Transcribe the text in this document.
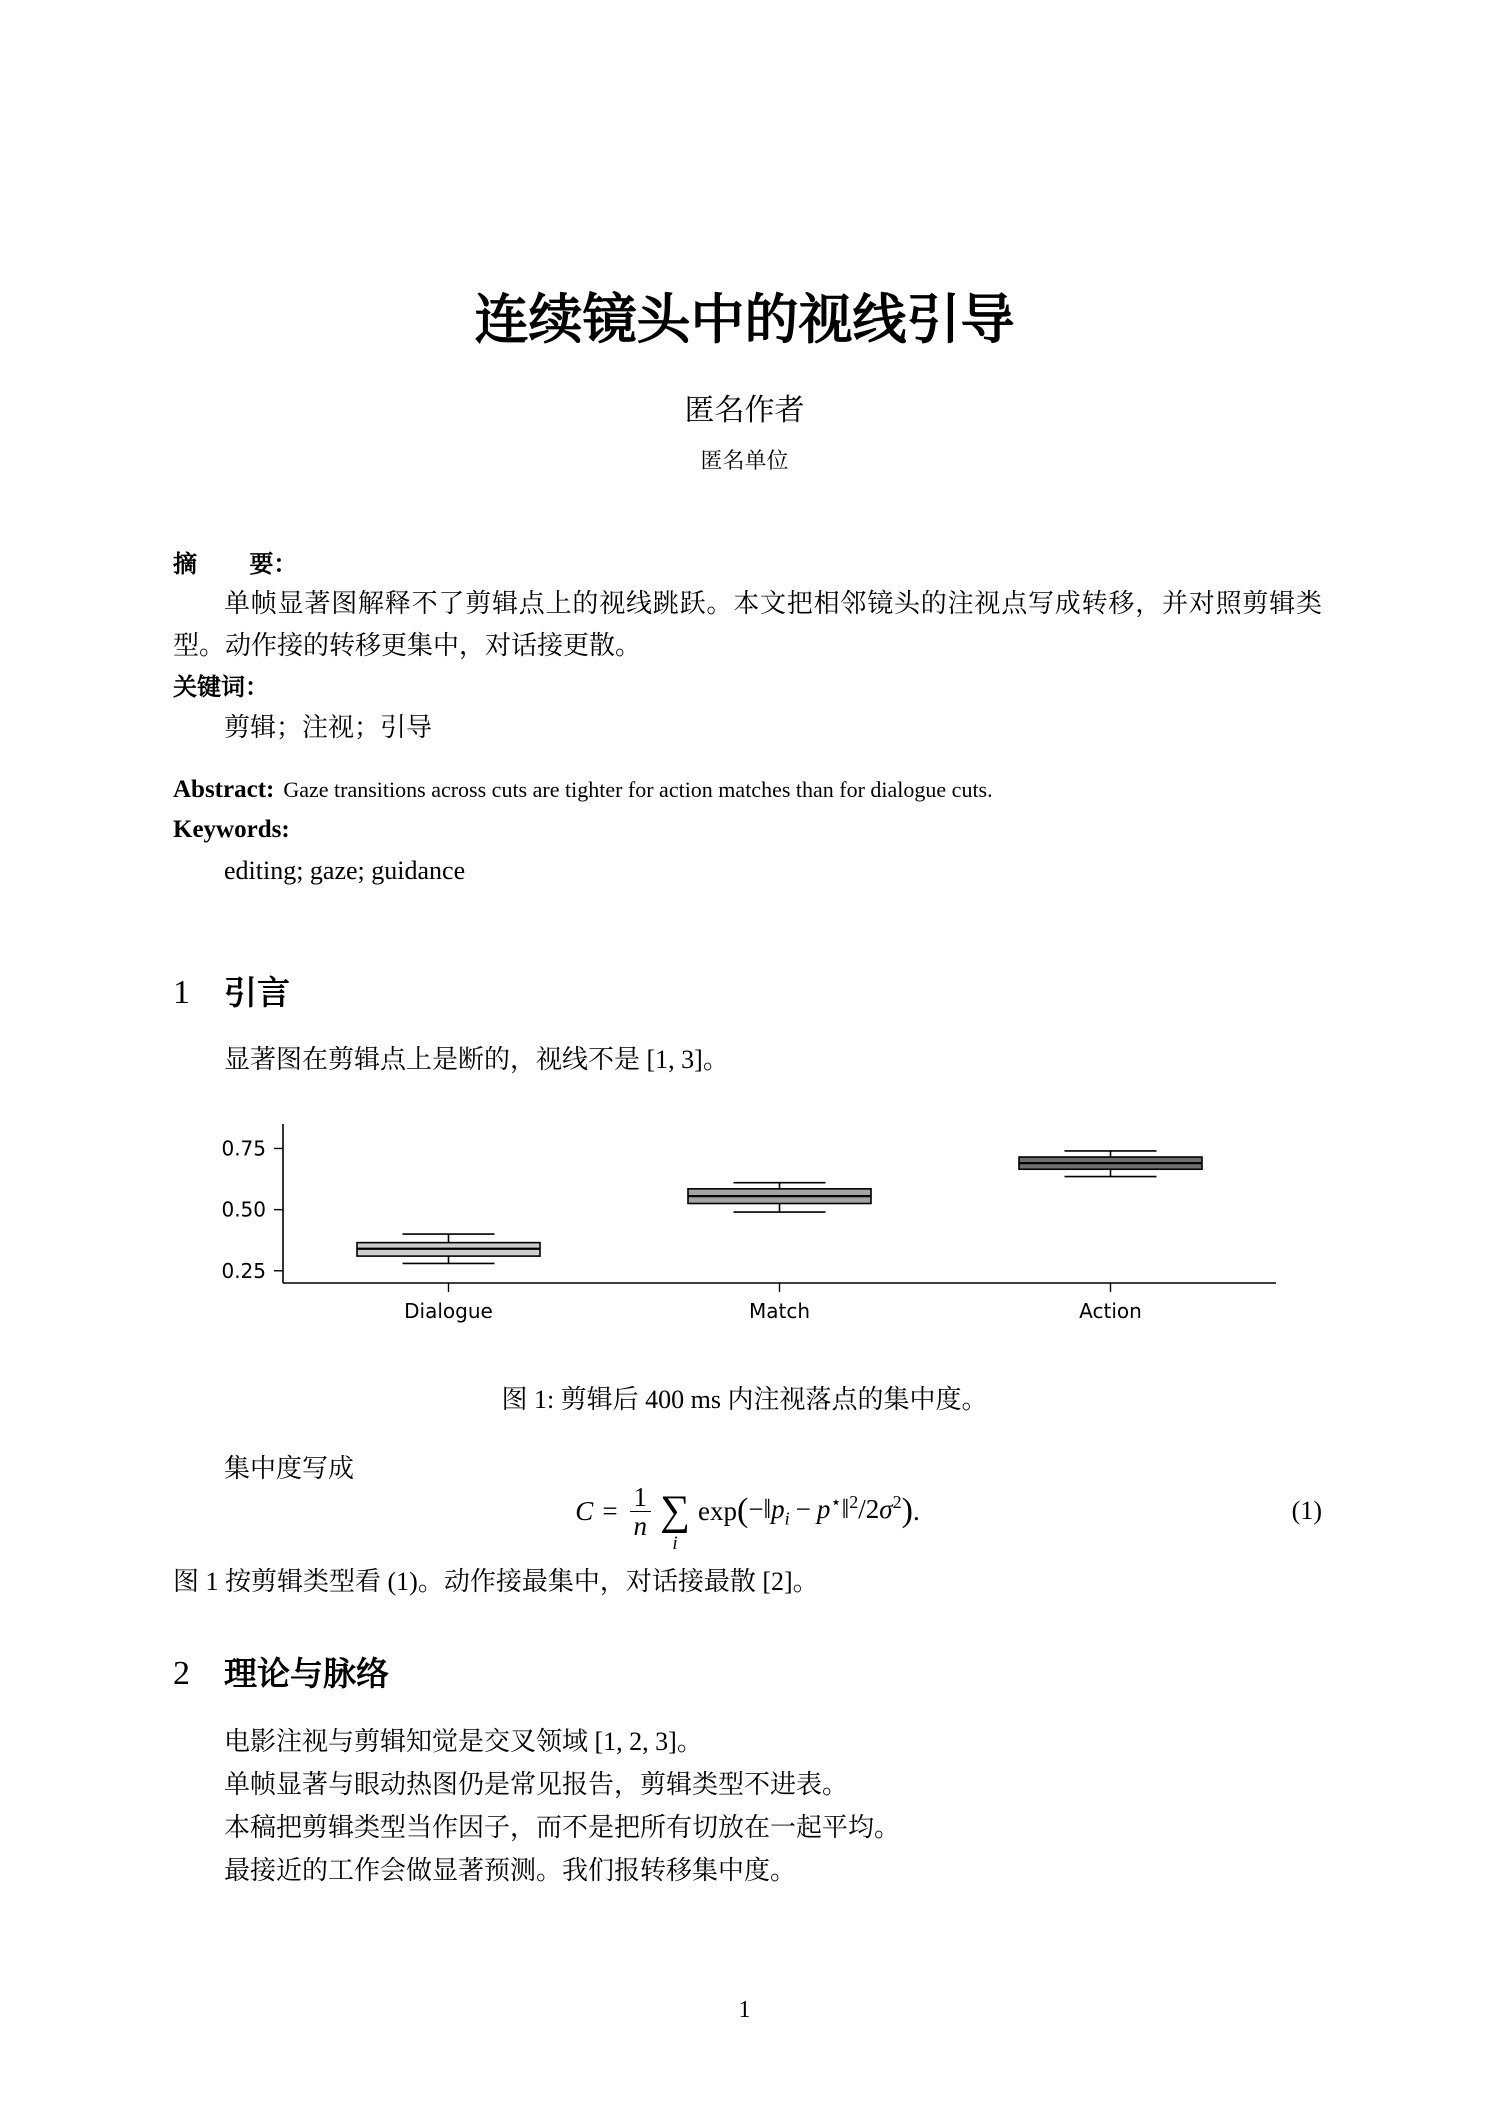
连续镜头中的视线引导
匿名作者
匿名单位
摘 要：

单帧显著图解释不了剪辑点上的视线跳跃。本文把相邻镜头的注视点写成转移，并对照剪辑类型。动作接的转移更集中，对话接更散。

关键词：
剪辑；注视；引导
Abstract: Gaze transitions across cuts are tighter for action matches than for dialogue cuts.
Keywords:
editing; gaze; guidance
1 引言

显著图在剪辑点上是断的，视线不是 [1, 3]。

0.25
0.50
0.75
Dialogue	Match	Action
图 1: 剪辑后 400 ms 内注视落点的集中度。

集中度写成

$C = \frac{1}{n}$ ∑
i
exp ( $-‖p_i$ − $p^⋆‖^2/2\sigma^2$ ) .	(1)

图 1 按剪辑类型看 (1)。动作接最集中，对话接最散 [2]。

2 理论与脉络

电影注视与剪辑知觉是交叉领域 [1, 2, 3]。

单帧显著与眼动热图仍是常见报告，剪辑类型不进表。

本稿把剪辑类型当作因子，而不是把所有切放在一起平均。

最接近的工作会做显著预测。我们报转移集中度。

1
